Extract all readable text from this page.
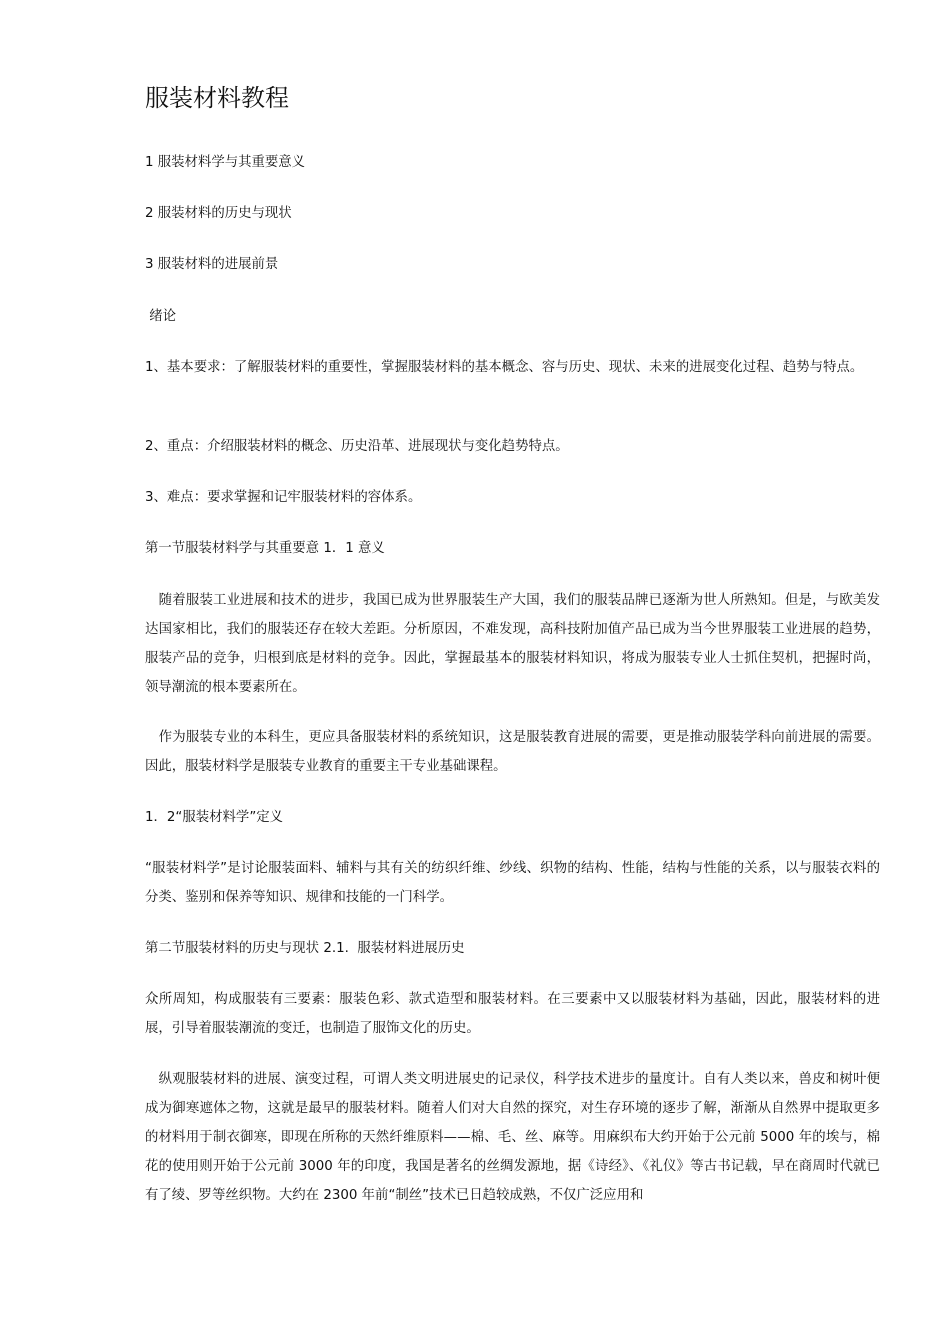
服装材料教程

1 服装材料学与其重要意义

2 服装材料的历史与现状

3 服装材料的进展前景

绪论

1、基本要求：了解服装材料的重要性，掌握服装材料的基本概念、容与历史、现状、未来的进展变化过程、趋势与特点。

2、重点：介绍服装材料的概念、历史沿革、进展现状与变化趋势特点。

3、难点：要求掌握和记牢服装材料的容体系。

第一节服装材料学与其重要意 1．1 意义

　随着服装工业进展和技术的进步，我国已成为世界服装生产大国，我们的服装品牌已逐渐为世人所熟知。但是，与欧美发达国家相比，我们的服装还存在较大差距。分析原因，不难发现，高科技附加值产品已成为当今世界服装工业进展的趋势，服装产品的竞争，归根到底是材料的竞争。因此，掌握最基本的服装材料知识，将成为服装专业人士抓住契机，把握时尚，领导潮流的根本要素所在。

　作为服装专业的本科生，更应具备服装材料的系统知识，这是服装教育进展的需要，更是推动服装学科向前进展的需要。因此，服装材料学是服装专业教育的重要主干专业基础课程。

1．2“服装材料学”定义

“服装材料学”是讨论服装面料、辅料与其有关的纺织纤维、纱线、织物的结构、性能，结构与性能的关系，以与服装衣料的分类、鉴别和保养等知识、规律和技能的一门科学。

第二节服装材料的历史与现状 2.1.  服装材料进展历史

众所周知，构成服装有三要素：服装色彩、款式造型和服装材料。在三要素中又以服装材料为基础，因此，服装材料的进展，引导着服装潮流的变迁，也制造了服饰文化的历史。

　纵观服装材料的进展、演变过程，可谓人类文明进展史的记录仪，科学技术进步的量度计。自有人类以来，兽皮和树叶便成为御寒遮体之物，这就是最早的服装材料。随着人们对大自然的探究，对生存环境的逐步了解，渐渐从自然界中提取更多的材料用于制衣御寒，即现在所称的天然纤维原料——棉、毛、丝、麻等。用麻织布大约开始于公元前 5000 年的埃与，棉花的使用则开始于公元前 3000 年的印度，我国是著名的丝绸发源地，据《诗经》、《礼仪》等古书记载，早在商周时代就已有了绫、罗等丝织物。大约在 2300 年前“制丝”技术已日趋较成熟，不仅广泛应用和
